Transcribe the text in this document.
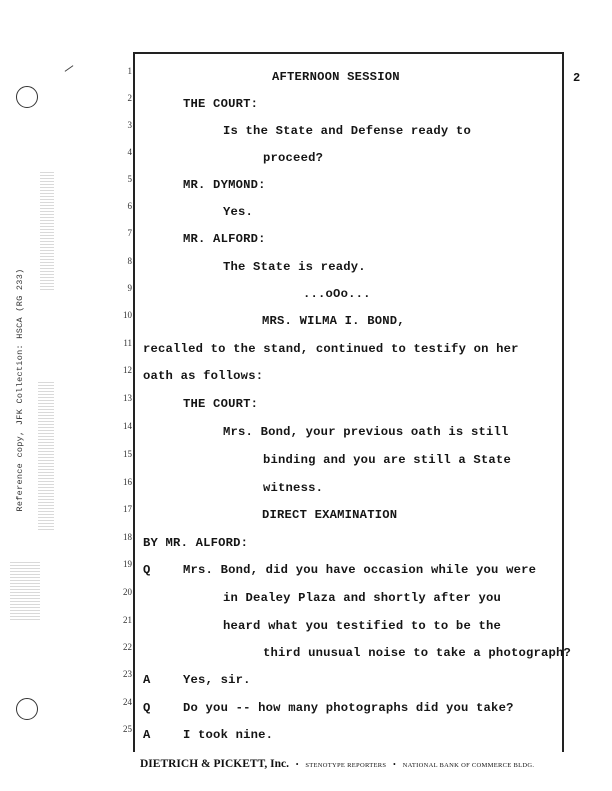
Reference copy, JFK Collection: HSCA (RG 233)
2
1
2
3
4
5
6
7
8
9
10
11
12
13
14
15
16
17
18
19
20
21
22
23
24
25
AFTERNOON SESSION
THE COURT:
Is the State and Defense ready to
proceed?
MR. DYMOND:
Yes.
MR. ALFORD:
The State is ready.
...oOo...
MRS. WILMA I. BOND,
recalled to the stand, continued to testify on her
oath as follows:
THE COURT:
Mrs. Bond, your previous oath is still
binding and you are still a State
witness.
DIRECT EXAMINATION
BY MR. ALFORD:
Mrs. Bond, did you have occasion while you were
in Dealey Plaza and shortly after you
heard what you testified to to be the
third unusual noise to take a photograph?
Yes, sir.
Do you -- how many photographs did you take?
I took nine.
Q
A
Q
A
DIETRICH & PICKETT, Inc. • STENOTYPE REPORTERS • NATIONAL BANK OF COMMERCE BLDG.
